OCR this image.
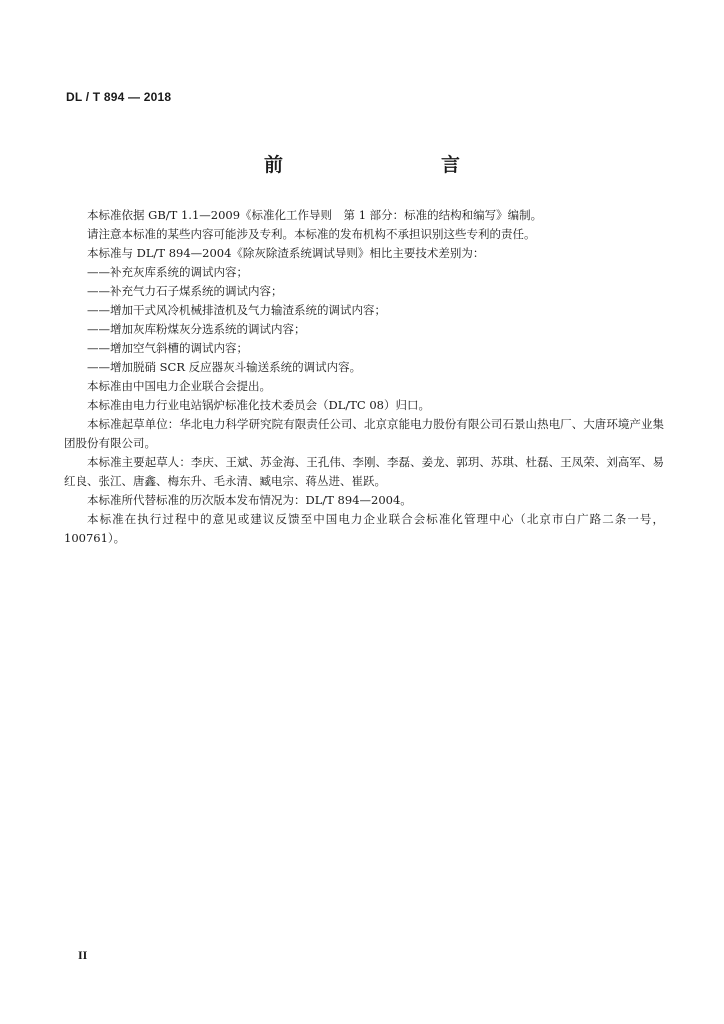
DL / T 894 — 2018
前　　言

本标准依据 GB/T 1.1—2009《标准化工作导则　第 1 部分：标准的结构和编写》编制。

请注意本标准的某些内容可能涉及专利。本标准的发布机构不承担识别这些专利的责任。

本标准与 DL/T 894—2004《除灰除渣系统调试导则》相比主要技术差别为：

——补充灰库系统的调试内容；

——补充气力石子煤系统的调试内容；

——增加干式风冷机械排渣机及气力输渣系统的调试内容；

——增加灰库粉煤灰分选系统的调试内容；

——增加空气斜槽的调试内容；

——增加脱硝 SCR 反应器灰斗输送系统的调试内容。

本标准由中国电力企业联合会提出。

本标准由电力行业电站锅炉标准化技术委员会（DL/TC 08）归口。

本标准起草单位：华北电力科学研究院有限责任公司、北京京能电力股份有限公司石景山热电厂、大唐环境产业集团股份有限公司。

本标准主要起草人：李庆、王斌、苏金海、王孔伟、李刚、李磊、姜龙、郭玥、苏琪、杜磊、王凤荣、刘高军、易红良、张江、唐鑫、梅东升、毛永清、臧电宗、蒋丛进、崔跃。

本标准所代替标准的历次版本发布情况为：DL/T 894—2004。

本标准在执行过程中的意见或建议反馈至中国电力企业联合会标准化管理中心（北京市白广路二条一号，100761）。

II
